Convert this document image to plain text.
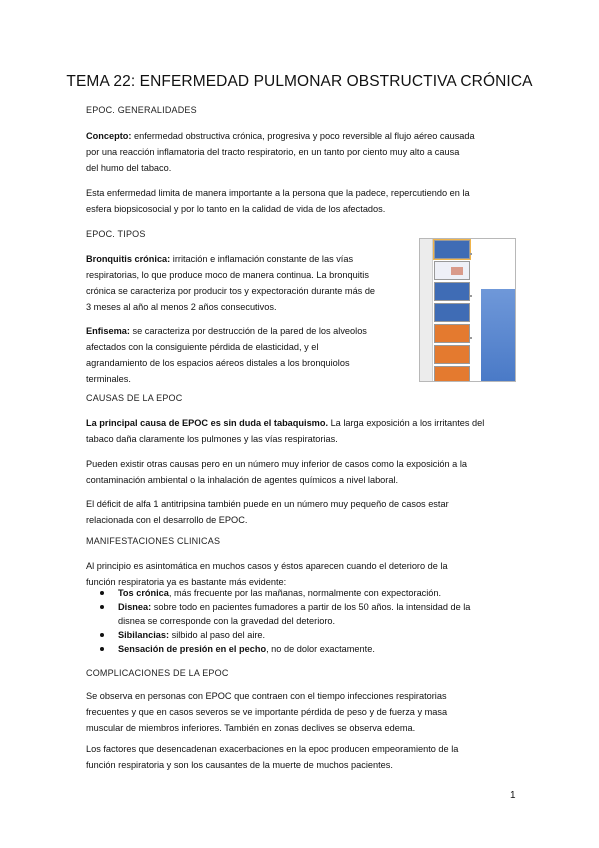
TEMA 22: ENFERMEDAD PULMONAR OBSTRUCTIVA CRÓNICA

EPOC. GENERALIDADES

Concepto: enfermedad obstructiva crónica, progresiva y poco reversible al flujo aéreo causada

por una reacción inflamatoria del tracto respiratorio, en un tanto por ciento muy alto a causa

del humo del tabaco.

Esta enfermedad limita de manera importante a la persona que la padece, repercutiendo en la

esfera biopsicosocial y por lo tanto en la calidad de vida de los afectados.

EPOC. TIPOS

Bronquitis crónica: irritación e inflamación constante de las vías

respiratorias, lo que produce moco de manera continua. La bronquitis

crónica se caracteriza por producir tos y expectoración durante más de

3 meses al año al menos 2 años consecutivos.

Enfisema: se caracteriza por destrucción de la pared de los alveolos

afectados con la consiguiente pérdida de elasticidad, y el

agrandamiento de los espacios aéreos distales a los bronquiolos

terminales.

CAUSAS DE LA EPOC

La principal causa de EPOC es sin duda el tabaquismo. La larga exposición a los irritantes del

tabaco daña claramente los pulmones y las vías respiratorias.

Pueden existir otras causas pero en un número muy inferior de casos como la exposición a la

contaminación ambiental o la inhalación de agentes químicos a nivel laboral.

El déficit de alfa 1 antitripsina también puede en un número muy pequeño de casos estar

relacionada con el desarrollo de EPOC.

MANIFESTACIONES CLINICAS

Al principio es asintomática en muchos casos y éstos aparecen cuando el deterioro de la

función respiratoria ya es bastante más evidente:

Tos crónica, más frecuente por las mañanas, normalmente con expectoración.
Disnea: sobre todo en pacientes fumadores a partir de los 50 años. la intensidad de la
disnea se corresponde con la gravedad del deterioro.
Sibilancias: silbido al paso del aire.
Sensación de presión en el pecho, no de dolor exactamente.

COMPLICACIONES DE LA EPOC

Se observa en personas con EPOC que contraen con el tiempo infecciones respiratorias

frecuentes y que en casos severos se ve importante pérdida de peso y de fuerza y masa

muscular de miembros inferiores. También en zonas declives se observa edema.

Los factores que desencadenan exacerbaciones en la epoc producen empeoramiento de la

función respiratoria y son los causantes de la muerte de muchos pacientes.

1
